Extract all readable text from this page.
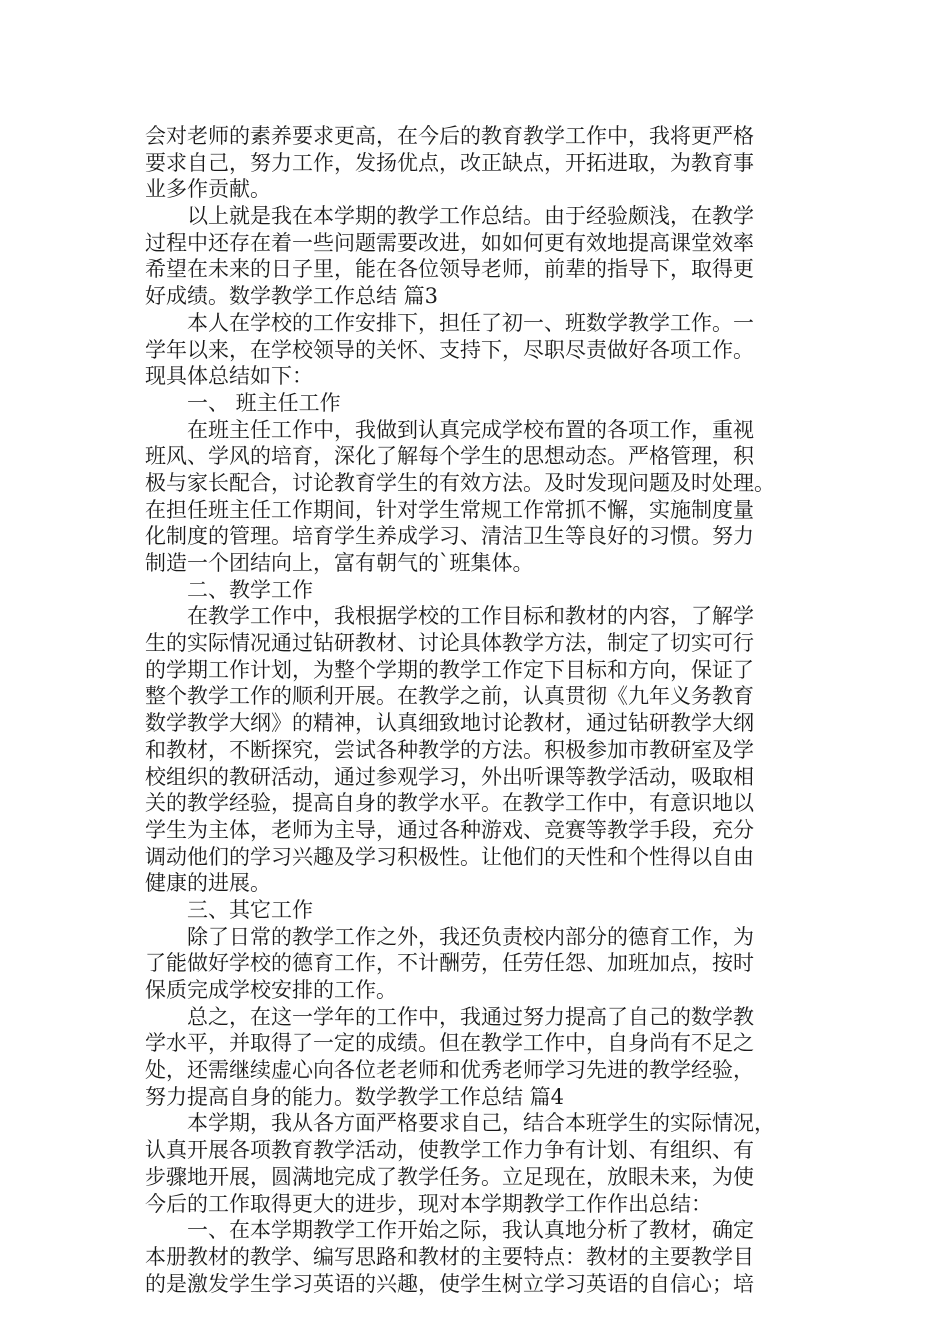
会对老师的素养要求更高，在今后的教育教学工作中，我将更严格
要求自己，努力工作，发扬优点，改正缺点，开拓进取，为教育事
业多作贡献。
　　以上就是我在本学期的教学工作总结。由于经验颇浅，在教学
过程中还存在着一些问题需要改进，如如何更有效地提高课堂效率
希望在未来的日子里，能在各位领导老师，前辈的指导下，取得更
好成绩。数学教学工作总结 篇3
　　本人在学校的工作安排下，担任了初一、班数学教学工作。一
学年以来，在学校领导的关怀、支持下，尽职尽责做好各项工作。
现具体总结如下：
　　一、 班主任工作
　　在班主任工作中，我做到认真完成学校布置的各项工作，重视
班风、学风的培育，深化了解每个学生的思想动态。严格管理，积
极与家长配合，讨论教育学生的有效方法。及时发现问题及时处理。
在担任班主任工作期间，针对学生常规工作常抓不懈，实施制度量
化制度的管理。培育学生养成学习、清洁卫生等良好的习惯。努力
制造一个团结向上，富有朝气的`班集体。
　　二、教学工作
　　在教学工作中，我根据学校的工作目标和教材的内容，了解学
生的实际情况通过钻研教材、讨论具体教学方法，制定了切实可行
的学期工作计划，为整个学期的教学工作定下目标和方向，保证了
整个教学工作的顺利开展。在教学之前，认真贯彻《九年义务教育
数学教学大纲》的精神，认真细致地讨论教材，通过钻研教学大纲
和教材，不断探究，尝试各种教学的方法。积极参加市教研室及学
校组织的教研活动，通过参观学习，外出听课等教学活动，吸取相
关的教学经验，提高自身的教学水平。在教学工作中，有意识地以
学生为主体，老师为主导，通过各种游戏、竞赛等教学手段，充分
调动他们的学习兴趣及学习积极性。让他们的天性和个性得以自由
健康的进展。
　　三、其它工作
　　除了日常的教学工作之外，我还负责校内部分的德育工作，为
了能做好学校的德育工作，不计酬劳，任劳任怨、加班加点，按时
保质完成学校安排的工作。
　　总之，在这一学年的工作中，我通过努力提高了自己的数学教
学水平，并取得了一定的成绩。但在教学工作中，自身尚有不足之
处，还需继续虚心向各位老老师和优秀老师学习先进的教学经验，
努力提高自身的能力。数学教学工作总结 篇4
　　本学期，我从各方面严格要求自己，结合本班学生的实际情况，
认真开展各项教育教学活动，使教学工作力争有计划、有组织、有
步骤地开展，圆满地完成了教学任务。立足现在，放眼未来，为使
今后的工作取得更大的进步，现对本学期教学工作作出总结：
　　一、在本学期教学工作开始之际，我认真地分析了教材，确定
本册教材的教学、编写思路和教材的主要特点：教材的主要教学目
的是激发学生学习英语的兴趣，使学生树立学习英语的自信心；培
